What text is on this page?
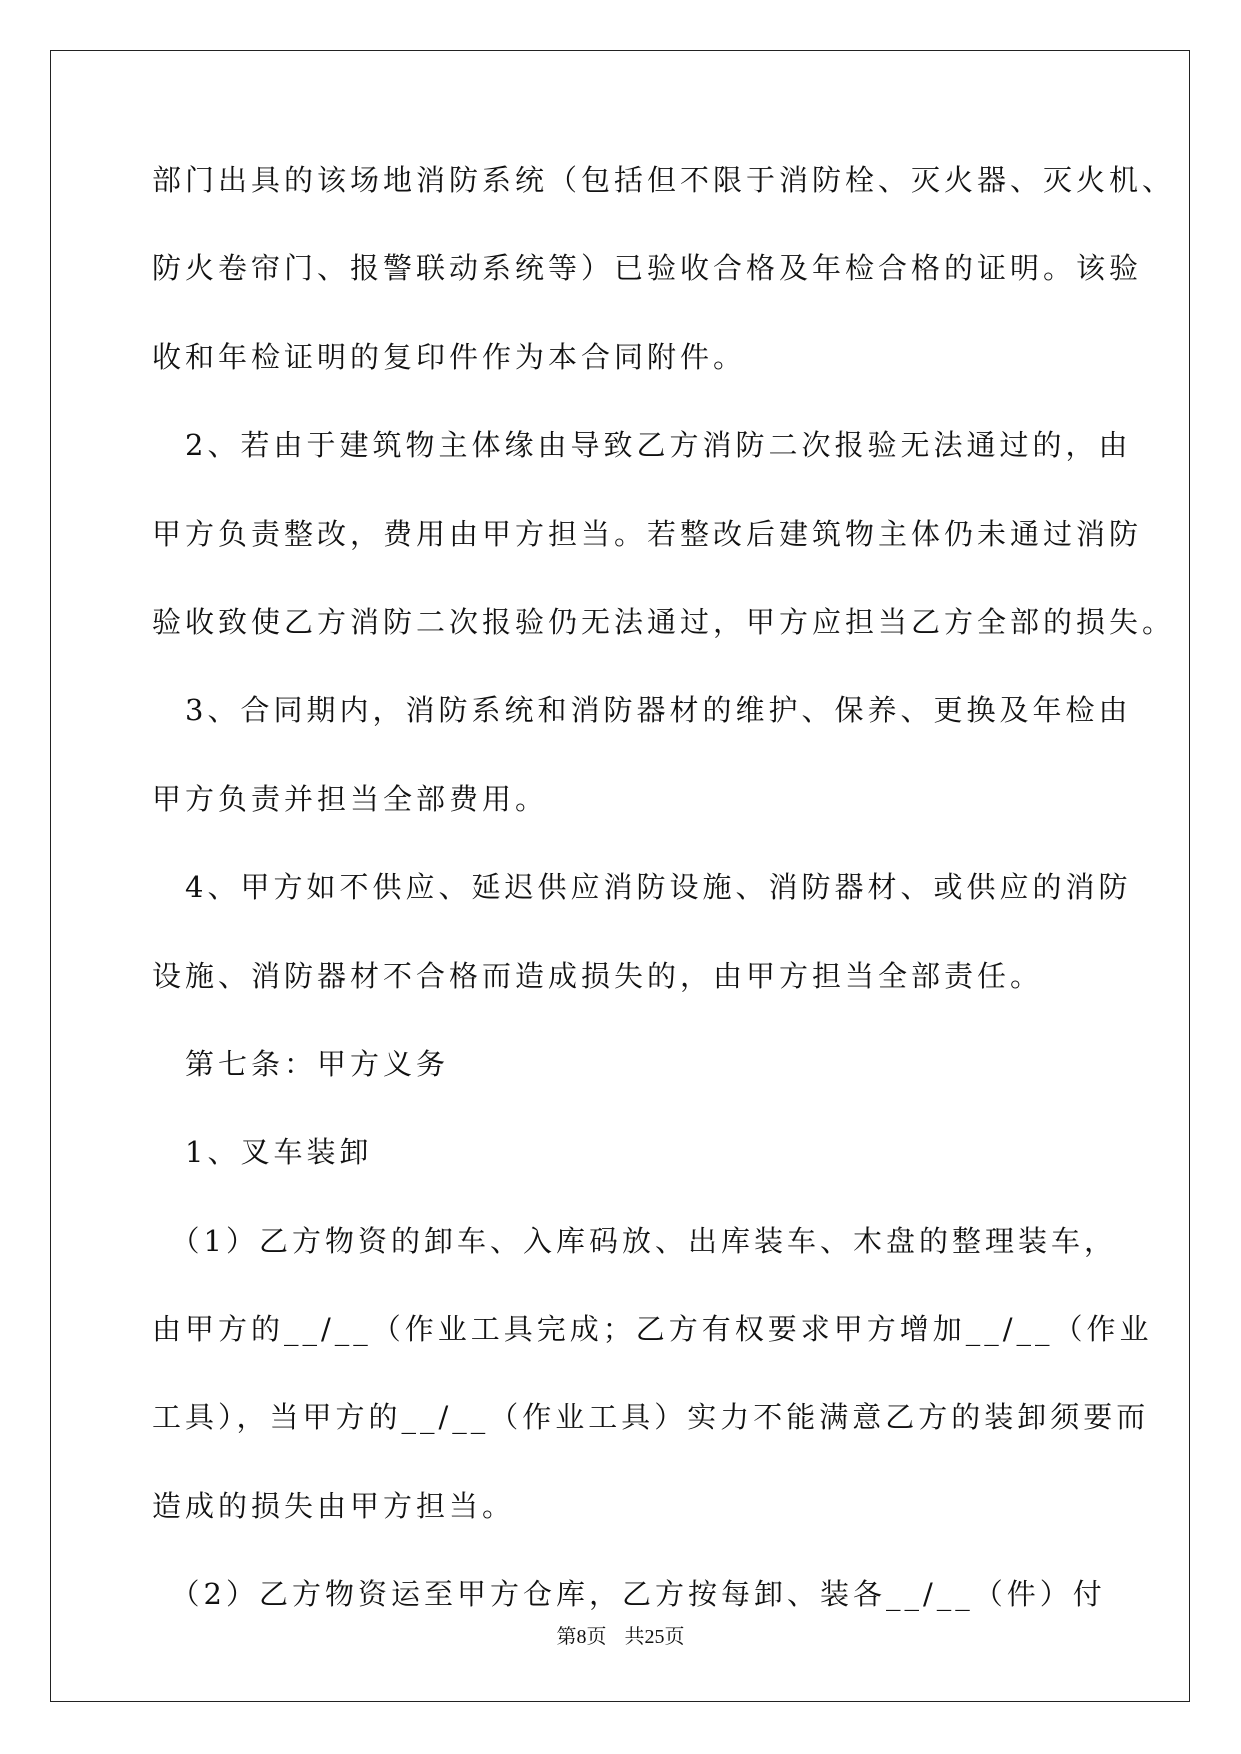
部门出具的该场地消防系统（包括但不限于消防栓、灭火器、灭火机、
防火卷帘门、报警联动系统等）已验收合格及年检合格的证明。该验
收和年检证明的复印件作为本合同附件。
　2、若由于建筑物主体缘由导致乙方消防二次报验无法通过的，由
甲方负责整改，费用由甲方担当。若整改后建筑物主体仍未通过消防
验收致使乙方消防二次报验仍无法通过，甲方应担当乙方全部的损失。
　3、合同期内，消防系统和消防器材的维护、保养、更换及年检由
甲方负责并担当全部费用。
　4、甲方如不供应、延迟供应消防设施、消防器材、或供应的消防
设施、消防器材不合格而造成损失的，由甲方担当全部责任。
　第七条：甲方义务
　1、叉车装卸
　（1）乙方物资的卸车、入库码放、出库装车、木盘的整理装车，
由甲方的__/__（作业工具完成；乙方有权要求甲方增加__/__（作业
工具），当甲方的__/__（作业工具）实力不能满意乙方的装卸须要而
造成的损失由甲方担当。
　（2）乙方物资运至甲方仓库，乙方按每卸、装各__/__（件）付
第8页 共25页
